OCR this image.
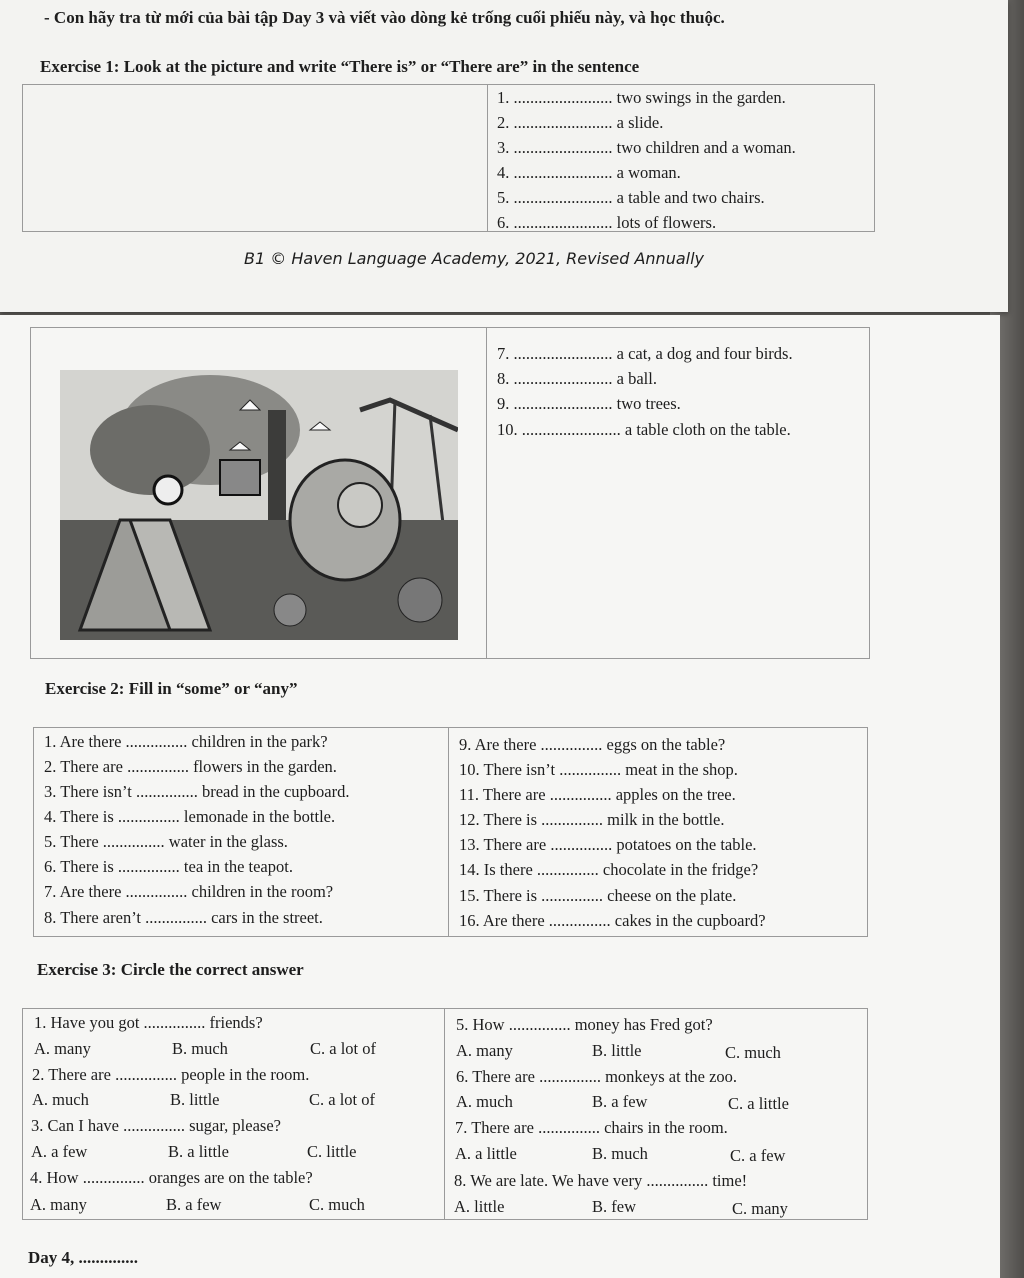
- Con hãy tra từ mới của bài tập Day 3 và viết vào dòng kẻ trống cuối phiếu này, và học thuộc.
Exercise 1: Look at the picture and write “There is” or “There are” in the sentence
1. ........................ two swings in the garden.
2. ........................ a slide.
3. ........................ two children and a woman.
4. ........................ a woman.
5. ........................ a table and two chairs.
6. ........................ lots of flowers.
B1 © Haven Language Academy, 2021, Revised Annually
7. ........................ a cat, a dog and four birds.
8. ........................ a ball.
9. ........................ two trees.
10. ........................ a table cloth on the table.
Exercise 2: Fill in “some” or “any”
1. Are there ............... children in the park?
2. There are ............... flowers in the garden.
3. There isn’t ............... bread in the cupboard.
4. There is ............... lemonade in the bottle.
5. There ............... water in the glass.
6. There is ............... tea in the teapot.
7. Are there ............... children in the room?
8. There aren’t ............... cars in the street.
9. Are there ............... eggs on the table?
10. There isn’t ............... meat in the shop.
11. There are ............... apples on the tree.
12. There is ............... milk in the bottle.
13. There are ............... potatoes on the table.
14. Is there ............... chocolate in the fridge?
15. There is ............... cheese on the plate.
16. Are there ............... cakes in the cupboard?
Exercise 3: Circle the correct answer
1. Have you got ............... friends?
A. many	B. much	C. a lot of
2. There are ............... people in the room.
A. much	B. little	C. a lot of
3. Can I have ............... sugar, please?
A. a few	B. a little	C. little
4. How ............... oranges are on the table?
A. many	B. a few	C. much
5. How ............... money has Fred got?
A. many	B. little	C. much
6. There are ............... monkeys at the zoo.
A. much	B. a few	C. a little
7. There are ............... chairs in the room.
A. a little	B. much	C. a few
8. We are late. We have very ............... time!
A. little	B. few	C. many
Day 4, ..............
